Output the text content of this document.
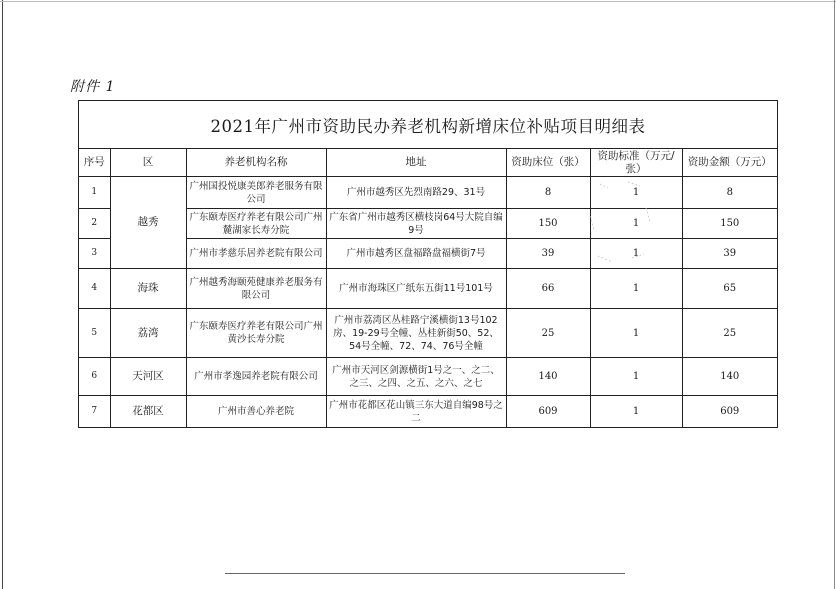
附件 1
2021年广州市资助民办养老机构新增床位补贴项目明细表
序号	区	养老机构名称	地址	资助床位（张）	资助标准（万元/张）	资助金额（万元）
1	越秀	广州国投悦康美郎养老服务有限公司	广州市越秀区先烈南路29、31号	8	1	8
2		广东颐寿医疗养老有限公司广州麓湖家长寿分院	广东省广州市越秀区横枝岗64号大院自编9号	150	1	150
3		广州市孝慈乐居养老院有限公司	广州市越秀区盘福路盘福横街7号	39	1	39
4	海珠	广州越秀海颐苑健康养老服务有限公司	广州市海珠区广纸东五街11号101号	66	1	65
5	荔湾	广东颐寿医疗养老有限公司广州黄沙长寿分院	广州市荔湾区丛桂路宁溪横街13号102房、19-29号全幢、丛桂新街50、52、54号全幢、72、74、76号全幢	25	1	25
6	天河区	广州市孝逸园养老院有限公司	广州市天河区剑源横街1号之一、之二、之三、之四、之五、之六、之七	140	1	140
7	花都区	广州市善心养老院	广州市花都区花山镇三东大道自编98号之二	609	1	609
